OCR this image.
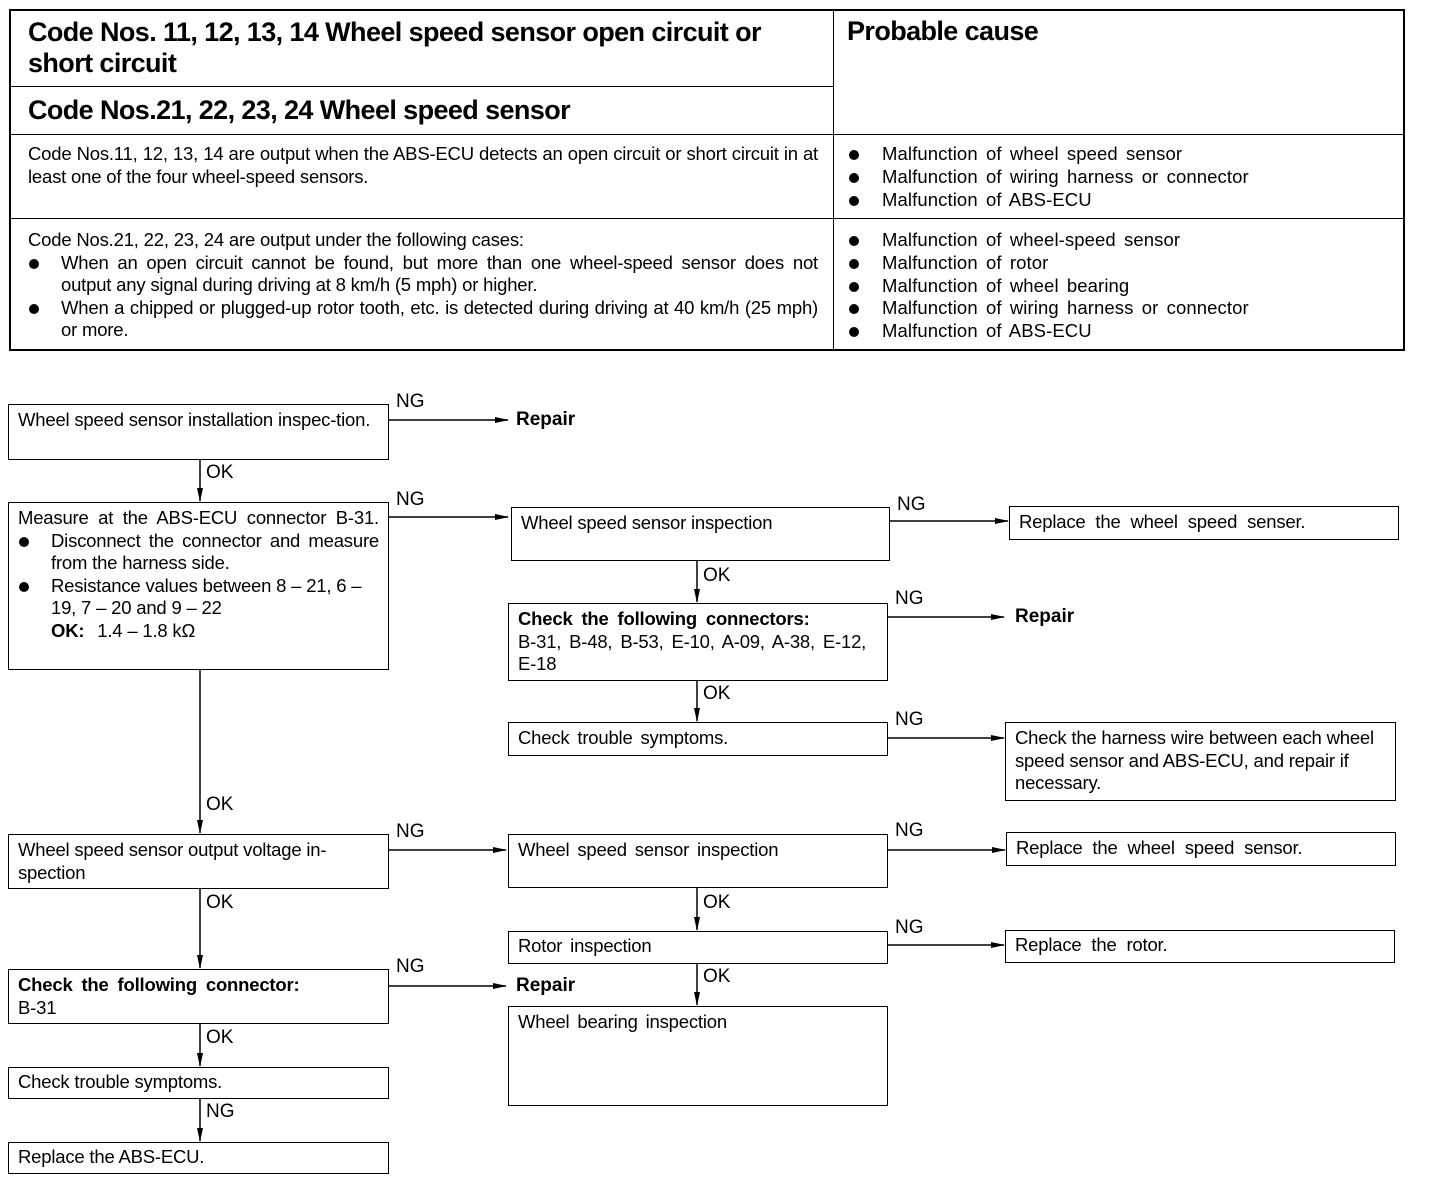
Code Nos. 11, 12, 13, 14 Wheel speed sensor open circuit or short circuit
Code Nos.21, 22, 23, 24 Wheel speed sensor
Probable cause
Code Nos.11, 12, 13, 14 are output when the ABS-ECU detects an open circuit or short circuit in at least one of the four wheel-speed sensors.
Malfunction of wheel speed sensor
Malfunction of wiring harness or connector
Malfunction of ABS-ECU
Code Nos.21, 22, 23, 24 are output under the following cases:
When an open circuit cannot be found, but more than one wheel-speed sensor does not output any signal during driving at 8 km/h (5 mph) or higher.
When a chipped or plugged-up rotor tooth, etc. is detected during driving at 40 km/h (25 mph) or more.
Malfunction of wheel-speed sensor
Malfunction of rotor
Malfunction of wheel bearing
Malfunction of wiring harness or connector
Malfunction of ABS-ECU
Wheel speed sensor installation inspec-tion.
NG
Repair
OK
Measure at the ABS-ECU connector B-31.
Disconnect the connector and measure from the harness side.
Resistance values between 8 – 21, 6 – 19, 7 – 20 and 9 – 22
OK: 1.4 – 1.8 kΩ
NG
OK
Wheel speed sensor output voltage in-spection
NG
OK
Check the following connector:
B-31
NG
Repair
OK
Check trouble symptoms.
NG
Replace the ABS-ECU.
Wheel speed sensor inspection
NG
OK
Check the following connectors:
B-31, B-48, B-53, E-10, A-09, A-38, E-12, E-18
NG
Repair
OK
Check trouble symptoms.
NG
Wheel speed sensor inspection
NG
OK
Rotor inspection
NG
OK
Wheel bearing inspection
Replace the wheel speed senser.
Check the harness wire between each wheel speed sensor and ABS-ECU, and repair if necessary.
Replace the wheel speed sensor.
Replace the rotor.
